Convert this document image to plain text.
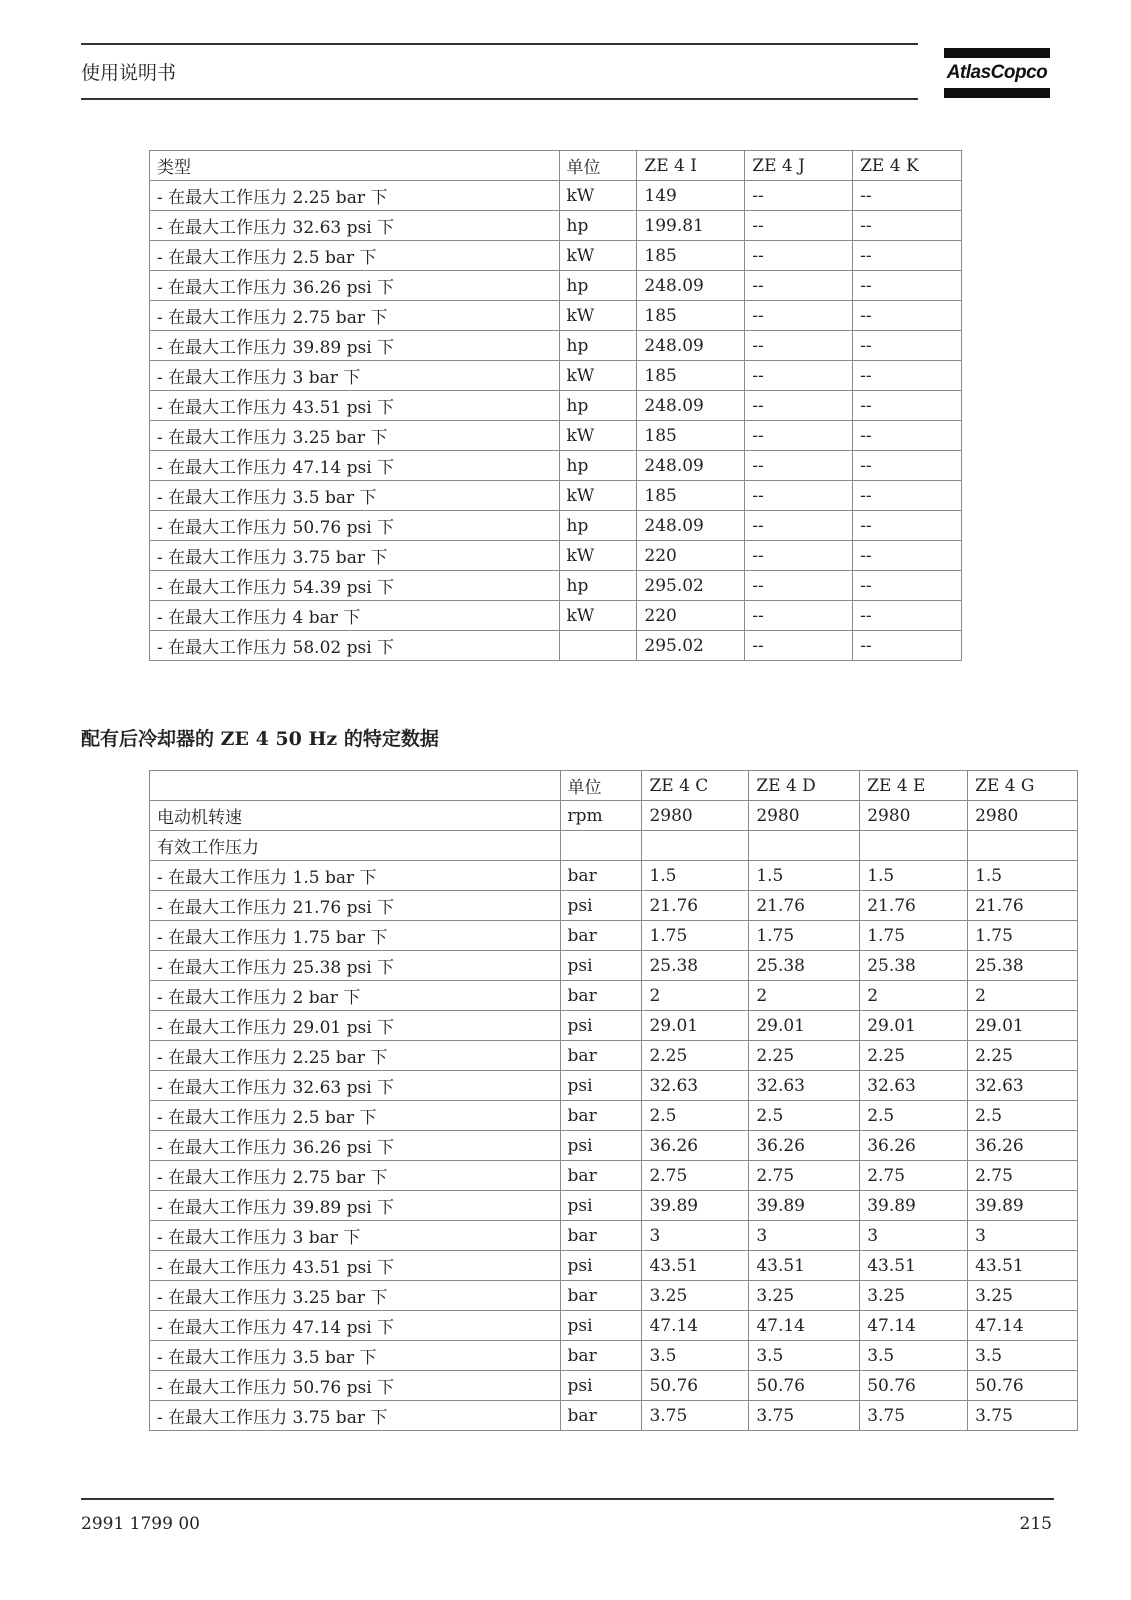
使用说明书	AtlasCopco
类型	单位	ZE 4 I	ZE 4 J	ZE 4 K
- 在最大工作压力 2.25 bar 下	kW	149	--	--
- 在最大工作压力 32.63 psi 下	hp	199.81	--	--
- 在最大工作压力 2.5 bar 下	kW	185	--	--
- 在最大工作压力 36.26 psi 下	hp	248.09	--	--
- 在最大工作压力 2.75 bar 下	kW	185	--	--
- 在最大工作压力 39.89 psi 下	hp	248.09	--	--
- 在最大工作压力 3 bar 下	kW	185	--	--
- 在最大工作压力 43.51 psi 下	hp	248.09	--	--
- 在最大工作压力 3.25 bar 下	kW	185	--	--
- 在最大工作压力 47.14 psi 下	hp	248.09	--	--
- 在最大工作压力 3.5 bar 下	kW	185	--	--
- 在最大工作压力 50.76 psi 下	hp	248.09	--	--
- 在最大工作压力 3.75 bar 下	kW	220	--	--
- 在最大工作压力 54.39 psi 下	hp	295.02	--	--
- 在最大工作压力 4 bar 下	kW	220	--	--
- 在最大工作压力 58.02 psi 下		295.02	--	--
配有后冷却器的 ZE 4 50 Hz 的特定数据
	单位	ZE 4 C	ZE 4 D	ZE 4 E	ZE 4 G
电动机转速	rpm	2980	2980	2980	2980
有效工作压力					
- 在最大工作压力 1.5 bar 下	bar	1.5	1.5	1.5	1.5
- 在最大工作压力 21.76 psi 下	psi	21.76	21.76	21.76	21.76
- 在最大工作压力 1.75 bar 下	bar	1.75	1.75	1.75	1.75
- 在最大工作压力 25.38 psi 下	psi	25.38	25.38	25.38	25.38
- 在最大工作压力 2 bar 下	bar	2	2	2	2
- 在最大工作压力 29.01 psi 下	psi	29.01	29.01	29.01	29.01
- 在最大工作压力 2.25 bar 下	bar	2.25	2.25	2.25	2.25
- 在最大工作压力 32.63 psi 下	psi	32.63	32.63	32.63	32.63
- 在最大工作压力 2.5 bar 下	bar	2.5	2.5	2.5	2.5
- 在最大工作压力 36.26 psi 下	psi	36.26	36.26	36.26	36.26
- 在最大工作压力 2.75 bar 下	bar	2.75	2.75	2.75	2.75
- 在最大工作压力 39.89 psi 下	psi	39.89	39.89	39.89	39.89
- 在最大工作压力 3 bar 下	bar	3	3	3	3
- 在最大工作压力 43.51 psi 下	psi	43.51	43.51	43.51	43.51
- 在最大工作压力 3.25 bar 下	bar	3.25	3.25	3.25	3.25
- 在最大工作压力 47.14 psi 下	psi	47.14	47.14	47.14	47.14
- 在最大工作压力 3.5 bar 下	bar	3.5	3.5	3.5	3.5
- 在最大工作压力 50.76 psi 下	psi	50.76	50.76	50.76	50.76
- 在最大工作压力 3.75 bar 下	bar	3.75	3.75	3.75	3.75
2991 1799 00	215
